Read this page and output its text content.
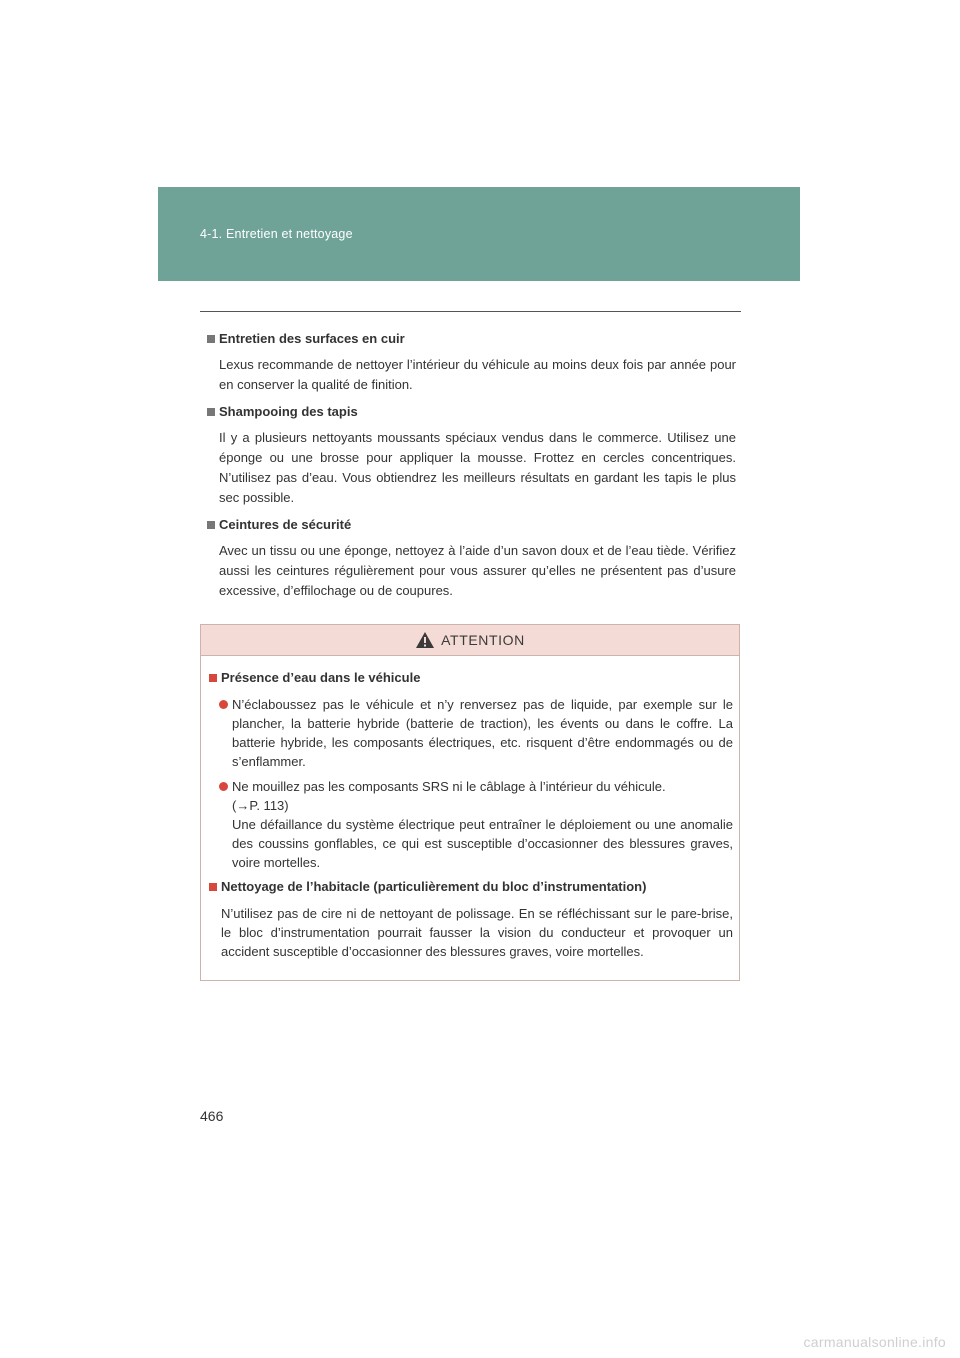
4-1. Entretien et nettoyage
Entretien des surfaces en cuir

Lexus recommande de nettoyer l’intérieur du véhicule au moins deux fois par année pour en conserver la qualité de finition.

Shampooing des tapis

Il y a plusieurs nettoyants moussants spéciaux vendus dans le commerce. Utilisez une éponge ou une brosse pour appliquer la mousse. Frottez en cercles concentriques. N’utilisez pas d’eau. Vous obtiendrez les meilleurs résultats en gardant les tapis le plus sec possible.

Ceintures de sécurité

Avec un tissu ou une éponge, nettoyez à l’aide d’un savon doux et de l’eau tiède. Vérifiez aussi les ceintures régulièrement pour vous assurer qu’elles ne présentent pas d’usure excessive, d’effilochage ou de coupures.

ATTENTION
Présence d’eau dans le véhicule
N’éclaboussez pas le véhicule et n’y renversez pas de liquide, par exemple sur le plancher, la batterie hybride (batterie de traction), les évents ou dans le coffre. La batterie hybride, les composants électriques, etc. risquent d’être endommagés ou de s’enflammer.
Ne mouillez pas les composants SRS ni le câblage à l’intérieur du véhicule.
(→P. 113)
Une défaillance du système électrique peut entraîner le déploiement ou une anomalie des coussins gonflables, ce qui est susceptible d’occasionner des blessures graves, voire mortelles.
Nettoyage de l’habitacle (particulièrement du bloc d’instrumentation)

N’utilisez pas de cire ni de nettoyant de polissage. En se réfléchissant sur le pare-brise, le bloc d’instrumentation pourrait fausser la vision du conducteur et provoquer un accident susceptible d’occasionner des blessures graves, voire mortelles.

466
carmanualsonline.info
